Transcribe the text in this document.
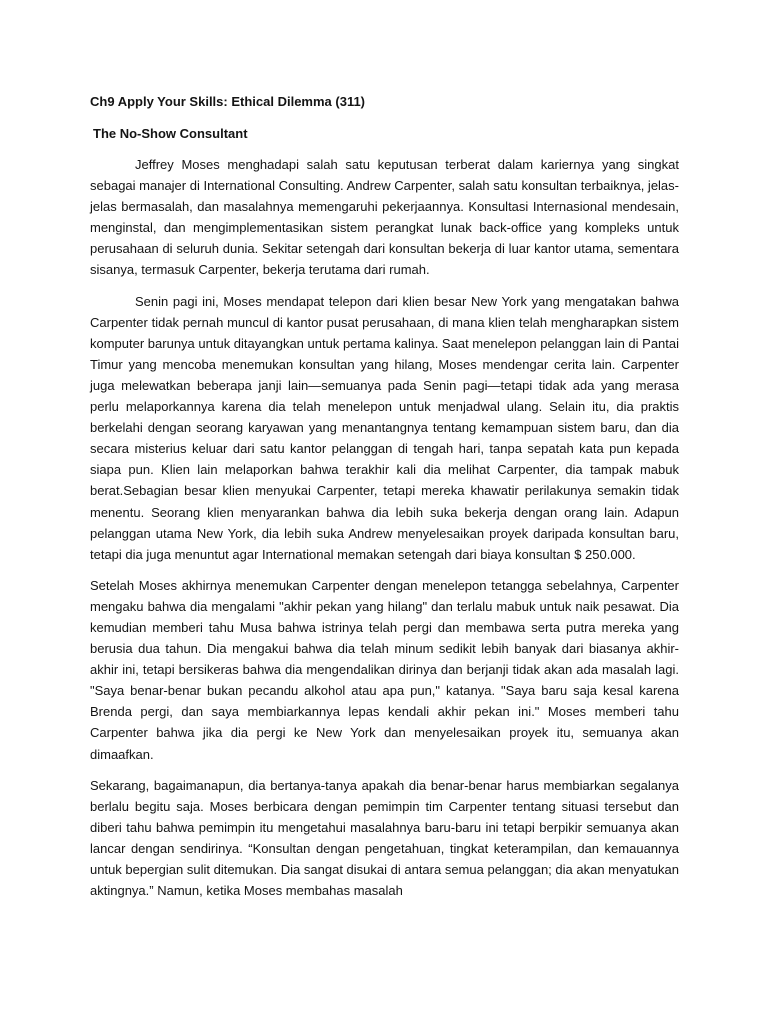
Ch9 Apply Your Skills: Ethical Dilemma (311)
The No-Show Consultant

Jeffrey Moses menghadapi salah satu keputusan terberat dalam kariernya yang singkat sebagai manajer di International Consulting. Andrew Carpenter, salah satu konsultan terbaiknya, jelas-jelas bermasalah, dan masalahnya memengaruhi pekerjaannya. Konsultasi Internasional mendesain, menginstal, dan mengimplementasikan sistem perangkat lunak back-office yang kompleks untuk perusahaan di seluruh dunia. Sekitar setengah dari konsultan bekerja di luar kantor utama, sementara sisanya, termasuk Carpenter, bekerja terutama dari rumah.

Senin pagi ini, Moses mendapat telepon dari klien besar New York yang mengatakan bahwa Carpenter tidak pernah muncul di kantor pusat perusahaan, di mana klien telah mengharapkan sistem komputer barunya untuk ditayangkan untuk pertama kalinya. Saat menelepon pelanggan lain di Pantai Timur yang mencoba menemukan konsultan yang hilang, Moses mendengar cerita lain. Carpenter juga melewatkan beberapa janji lain—semuanya pada Senin pagi—tetapi tidak ada yang merasa perlu melaporkannya karena dia telah menelepon untuk menjadwal ulang. Selain itu, dia praktis berkelahi dengan seorang karyawan yang menantangnya tentang kemampuan sistem baru, dan dia secara misterius keluar dari satu kantor pelanggan di tengah hari, tanpa sepatah kata pun kepada siapa pun. Klien lain melaporkan bahwa terakhir kali dia melihat Carpenter, dia tampak mabuk berat.Sebagian besar klien menyukai Carpenter, tetapi mereka khawatir perilakunya semakin tidak menentu. Seorang klien menyarankan bahwa dia lebih suka bekerja dengan orang lain. Adapun pelanggan utama New York, dia lebih suka Andrew menyelesaikan proyek daripada konsultan baru, tetapi dia juga menuntut agar International memakan setengah dari biaya konsultan $ 250.000.

Setelah Moses akhirnya menemukan Carpenter dengan menelepon tetangga sebelahnya, Carpenter mengaku bahwa dia mengalami "akhir pekan yang hilang" dan terlalu mabuk untuk naik pesawat. Dia kemudian memberi tahu Musa bahwa istrinya telah pergi dan membawa serta putra mereka yang berusia dua tahun. Dia mengakui bahwa dia telah minum sedikit lebih banyak dari biasanya akhir-akhir ini, tetapi bersikeras bahwa dia mengendalikan dirinya dan berjanji tidak akan ada masalah lagi. "Saya benar-benar bukan pecandu alkohol atau apa pun," katanya. "Saya baru saja kesal karena Brenda pergi, dan saya membiarkannya lepas kendali akhir pekan ini." Moses memberi tahu Carpenter bahwa jika dia pergi ke New York dan menyelesaikan proyek itu, semuanya akan dimaafkan.

Sekarang, bagaimanapun, dia bertanya-tanya apakah dia benar-benar harus membiarkan segalanya berlalu begitu saja. Moses berbicara dengan pemimpin tim Carpenter tentang situasi tersebut dan diberi tahu bahwa pemimpin itu mengetahui masalahnya baru-baru ini tetapi berpikir semuanya akan lancar dengan sendirinya. “Konsultan dengan pengetahuan, tingkat keterampilan, dan kemauannya untuk bepergian sulit ditemukan. Dia sangat disukai di antara semua pelanggan; dia akan menyatukan aktingnya.” Namun, ketika Moses membahas masalah
